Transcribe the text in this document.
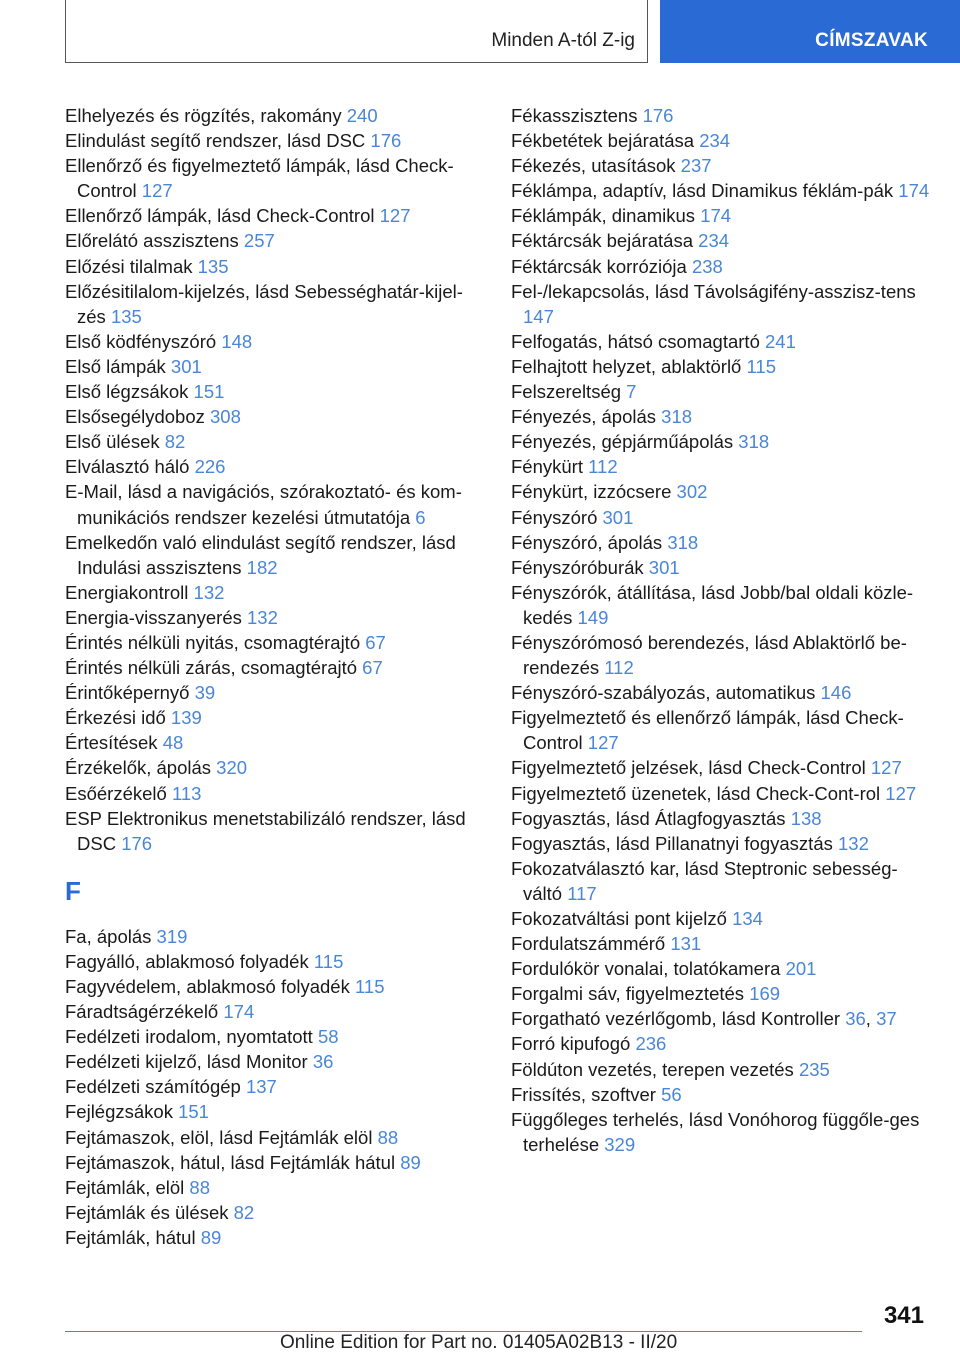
Minden A-tól Z-ig	CÍMSZAVAK
Elhelyezés és rögzítés, rakomány 240
Elindulást segítő rendszer, lásd DSC 176
Ellenőrző és figyelmeztető lámpák, lásd Check-Control 127
Ellenőrző lámpák, lásd Check-Control 127
Előrelátó asszisztens 257
Előzési tilalmak 135
Előzésitilalom-kijelzés, lásd Sebességhatár-kijel-zés 135
Első ködfényszóró 148
Első lámpák 301
Első légzsákok 151
Elsősegélydoboz 308
Első ülések 82
Elválasztó háló 226
E-Mail, lásd a navigációs, szórakoztató- és kom-munikációs rendszer kezelési útmutatója 6
Emelkedőn való elindulást segítő rendszer, lásd Indulási asszisztens 182
Energiakontroll 132
Energia-visszanyerés 132
Érintés nélküli nyitás, csomagtérajtó 67
Érintés nélküli zárás, csomagtérajtó 67
Érintőképernyő 39
Érkezési idő 139
Értesítések 48
Érzékelők, ápolás 320
Esőérzékelő 113
ESP Elektronikus menetstabilizáló rendszer, lásd DSC 176
F
Fa, ápolás 319
Fagyálló, ablakmosó folyadék 115
Fagyvédelem, ablakmosó folyadék 115
Fáradtságérzékelő 174
Fedélzeti irodalom, nyomtatott 58
Fedélzeti kijelző, lásd Monitor 36
Fedélzeti számítógép 137
Fejlégzsákok 151
Fejtámaszok, elöl, lásd Fejtámlák elöl 88
Fejtámaszok, hátul, lásd Fejtámlák hátul 89
Fejtámlák, elöl 88
Fejtámlák és ülések 82
Fejtámlák, hátul 89
Fékasszisztens 176
Fékbetétek bejáratása 234
Fékezés, utasítások 237
Féklámpa, adaptív, lásd Dinamikus féklám-pák 174
Féklámpák, dinamikus 174
Féktárcsák bejáratása 234
Féktárcsák korróziója 238
Fel-/lekapcsolás, lásd Távolságifény-asszisz-tens 147
Felfogatás, hátsó csomagtartó 241
Felhajtott helyzet, ablaktörlő 115
Felszereltség 7
Fényezés, ápolás 318
Fényezés, gépjárműápolás 318
Fénykürt 112
Fénykürt, izzócsere 302
Fényszóró 301
Fényszóró, ápolás 318
Fényszóróburák 301
Fényszórók, átállítása, lásd Jobb/bal oldali közle-kedés 149
Fényszórómosó berendezés, lásd Ablaktörlő be-rendezés 112
Fényszóró-szabályozás, automatikus 146
Figyelmeztető és ellenőrző lámpák, lásd Check-Control 127
Figyelmeztető jelzések, lásd Check-Control 127
Figyelmeztető üzenetek, lásd Check-Cont-rol 127
Fogyasztás, lásd Átlagfogyasztás 138
Fogyasztás, lásd Pillanatnyi fogyasztás 132
Fokozatválasztó kar, lásd Steptronic sebesség-váltó 117
Fokozatváltási pont kijelző 134
Fordulatszámmérő 131
Fordulókör vonalai, tolatókamera 201
Forgalmi sáv, figyelmeztetés 169
Forgatható vezérlőgomb, lásd Kontroller 36, 37
Forró kipufogó 236
Földúton vezetés, terepen vezetés 235
Frissítés, szoftver 56
Függőleges terhelés, lásd Vonóhorog függőle-ges terhelése 329
341
Online Edition for Part no. 01405A02B13 - II/20
